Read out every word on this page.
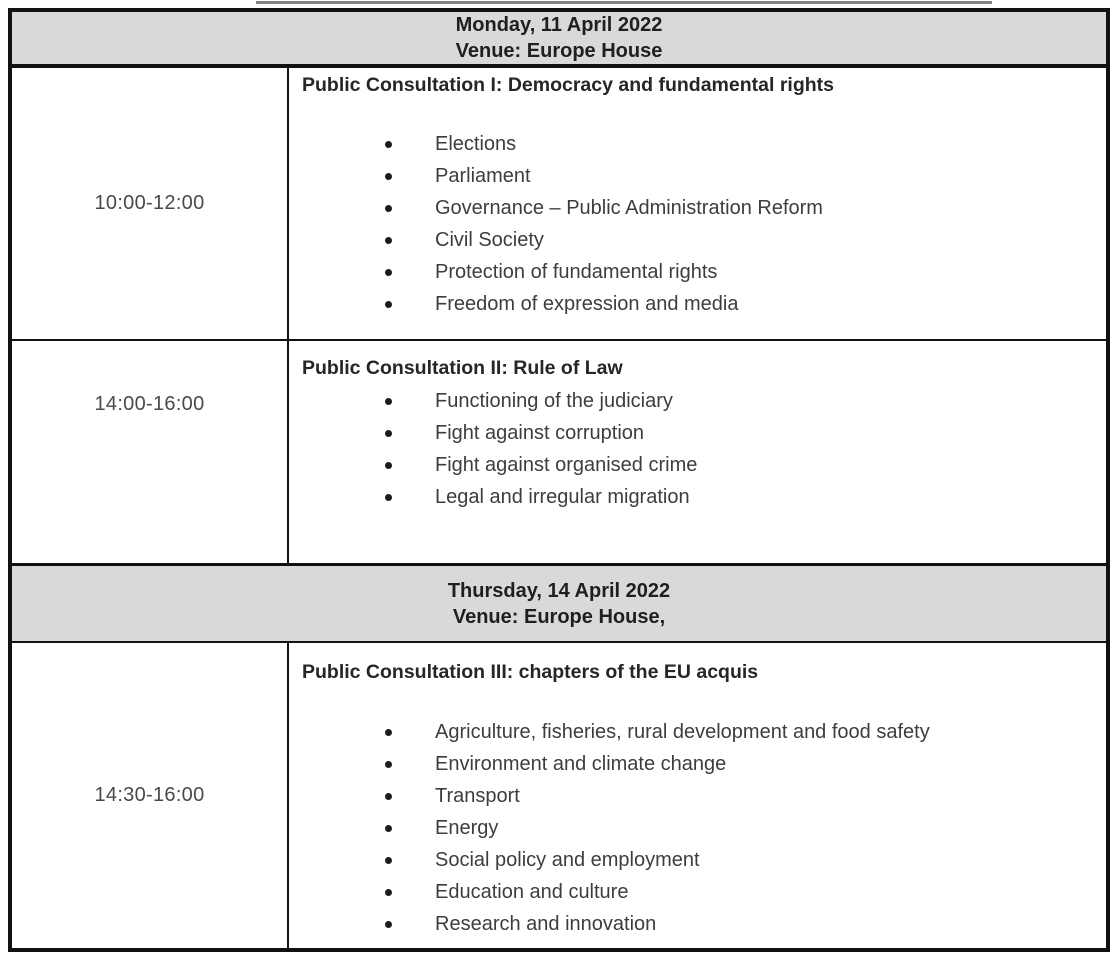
Monday, 11 April 2022
Venue: Europe House
10:00-12:00
Public Consultation I: Democracy and fundamental rights
Elections
Parliament
Governance – Public Administration Reform
Civil Society
Protection of fundamental rights
Freedom of expression and media
14:00-16:00
Public Consultation II: Rule of Law
Functioning of the judiciary
Fight against corruption
Fight against organised crime
Legal and irregular migration
Thursday, 14 April 2022
Venue: Europe House,
14:30-16:00
Public Consultation III: chapters of the EU acquis
Agriculture, fisheries, rural development and food safety
Environment and climate change
Transport
Energy
Social policy and employment
Education and culture
Research and innovation
